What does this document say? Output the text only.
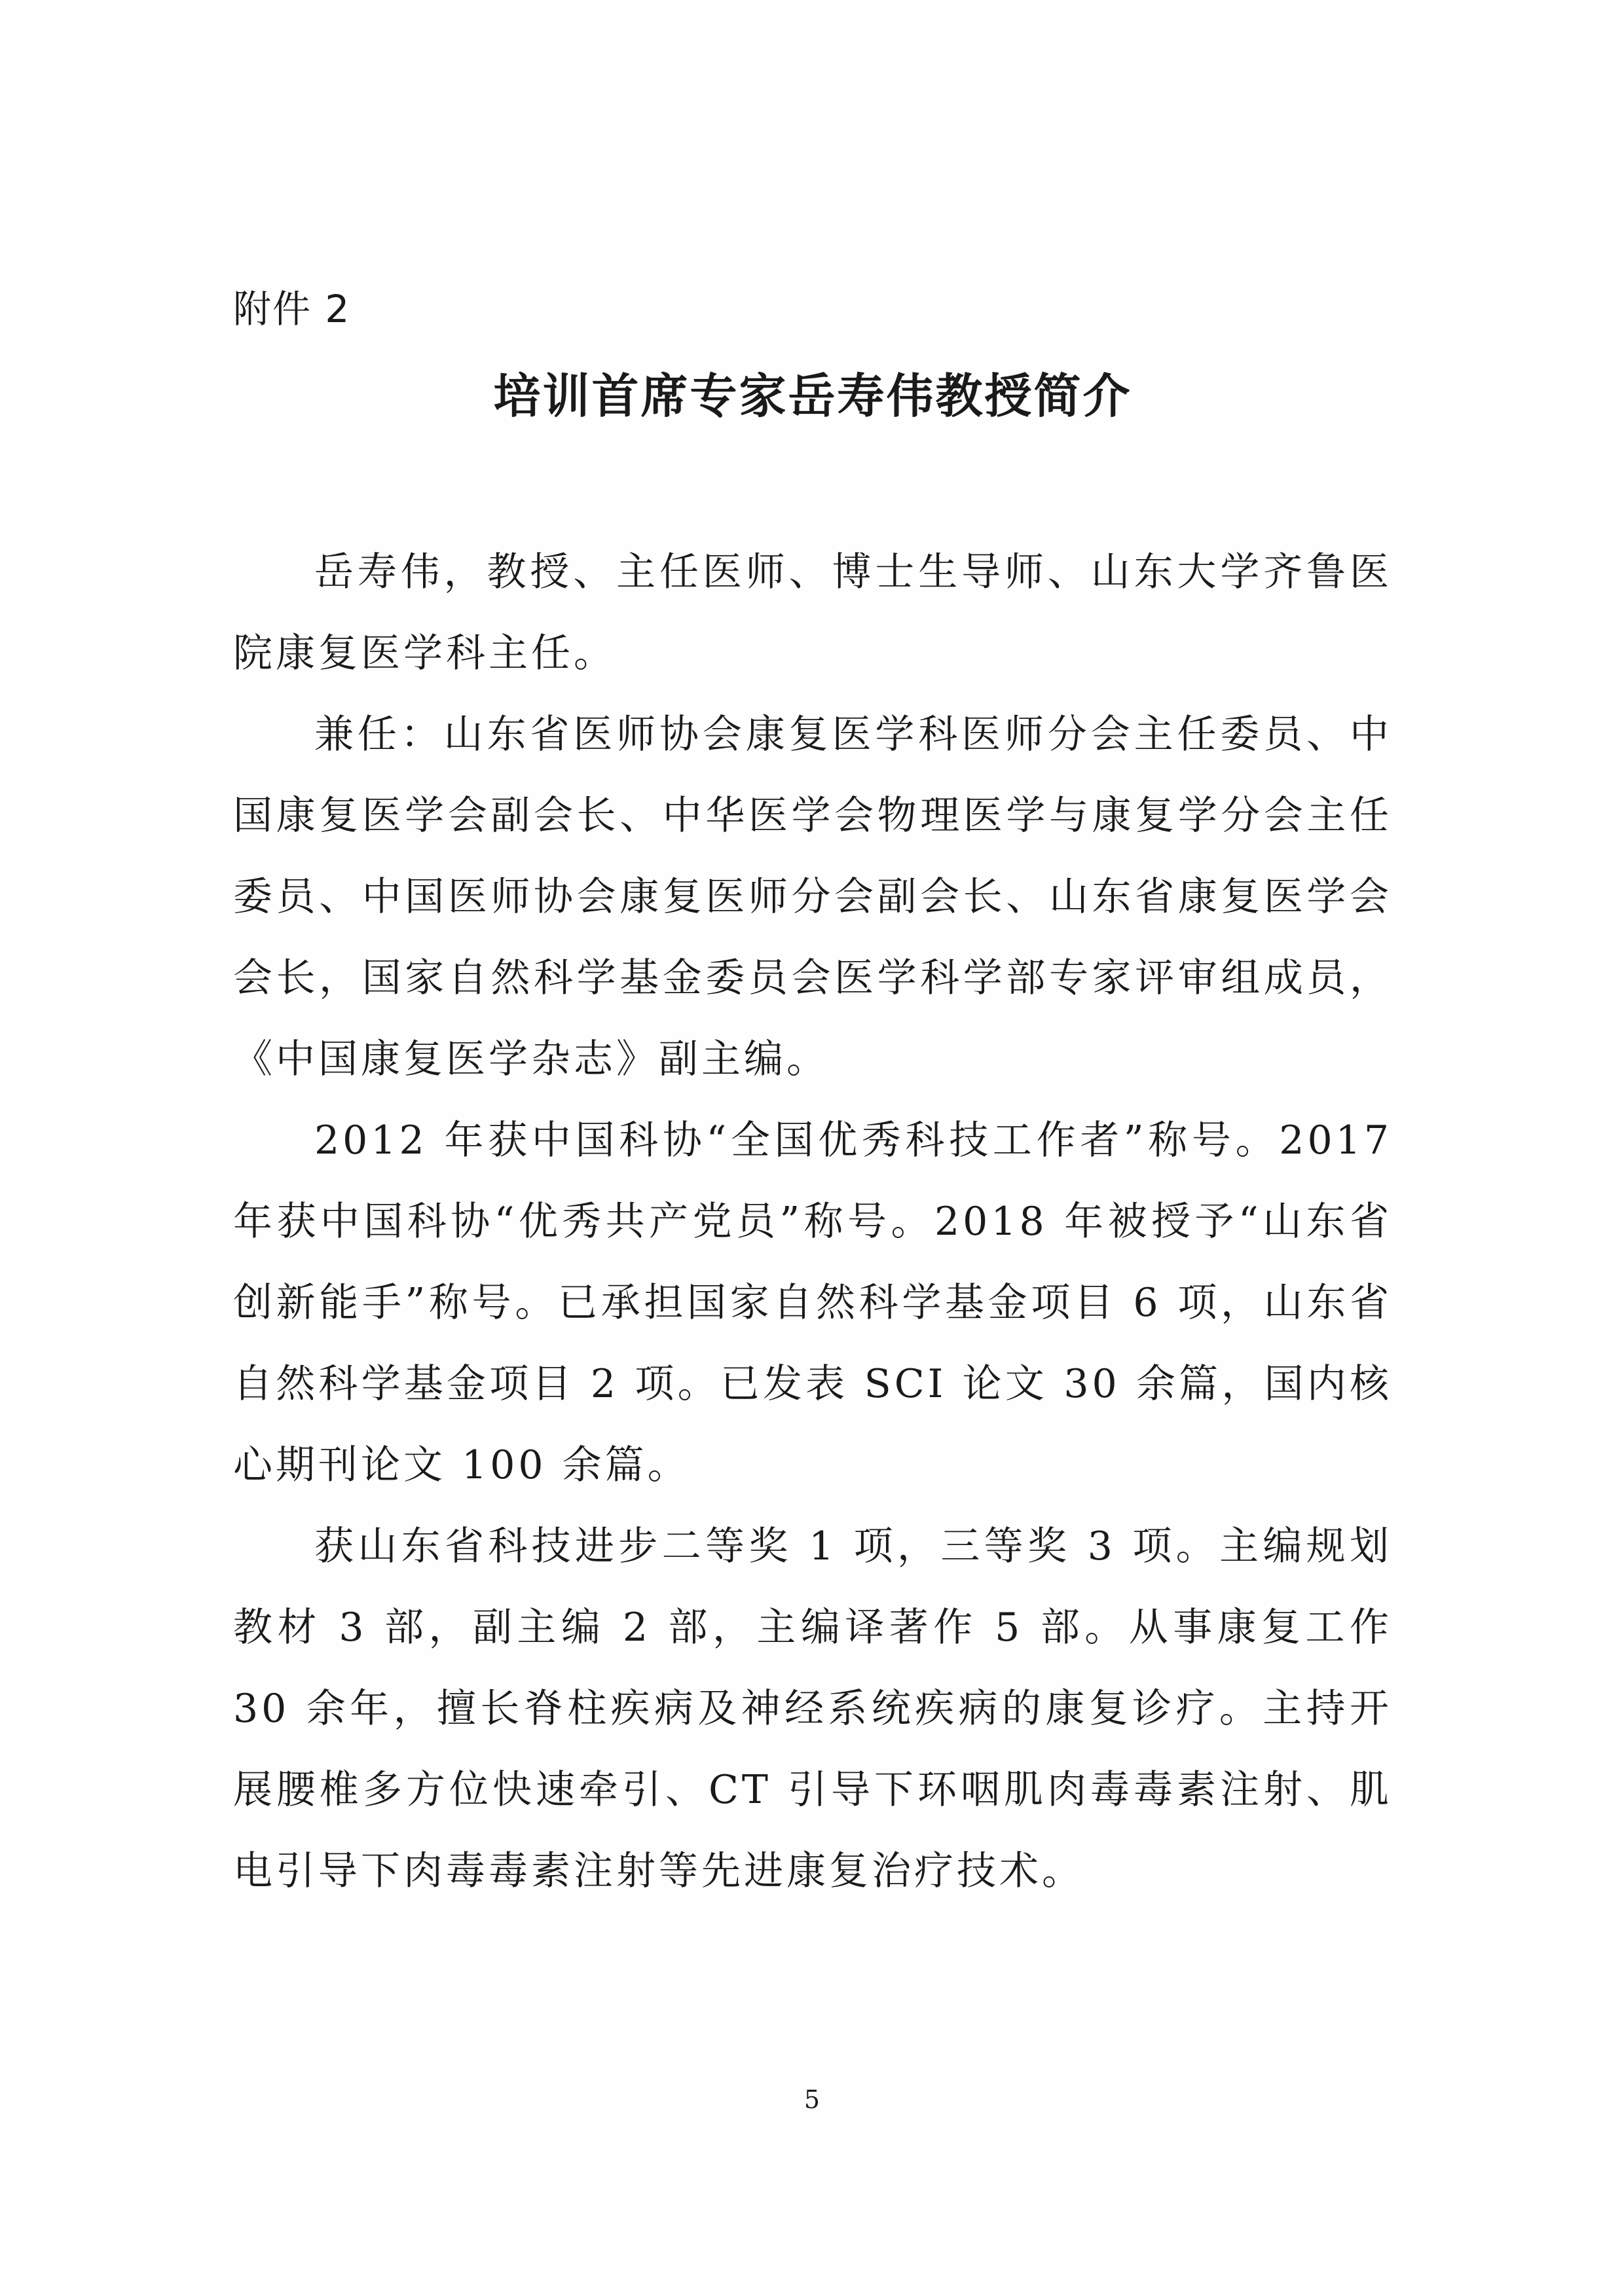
附件 2
培训首席专家岳寿伟教授简介

岳寿伟，教授、主任医师、博士生导师、山东大学齐鲁医院康复医学科主任。

兼任：山东省医师协会康复医学科医师分会主任委员、中国康复医学会副会长、中华医学会物理医学与康复学分会主任委员、中国医师协会康复医师分会副会长、山东省康复医学会会长，国家自然科学基金委员会医学科学部专家评审组成员，《中国康复医学杂志》副主编。

2012 年获中国科协“全国优秀科技工作者”称号。2017 年获中国科协“优秀共产党员”称号。2018 年被授予“山东省创新能手”称号。已承担国家自然科学基金项目 6 项，山东省自然科学基金项目 2 项。已发表 SCI 论文 30 余篇，国内核心期刊论文 100 余篇。

获山东省科技进步二等奖 1 项，三等奖 3 项。主编规划教材 3 部，副主编 2 部，主编译著作 5 部。从事康复工作 30 余年，擅长脊柱疾病及神经系统疾病的康复诊疗。主持开展腰椎多方位快速牵引、CT 引导下环咽肌肉毒毒素注射、肌电引导下肉毒毒素注射等先进康复治疗技术。

5
